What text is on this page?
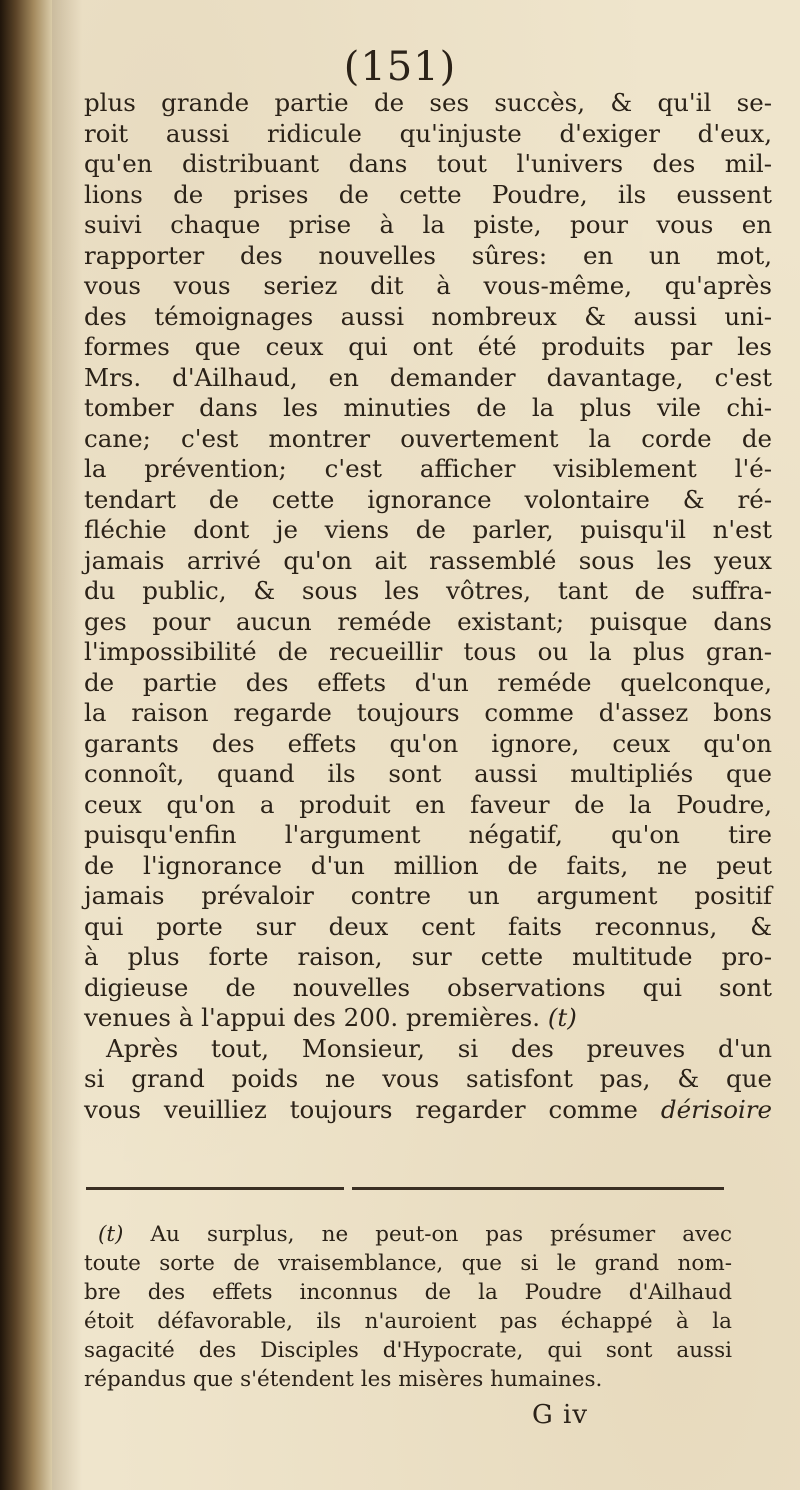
(151)
plus grande partie de ses succès, & qu'il se-
roit aussi ridicule qu'injuste d'exiger d'eux,
qu'en distribuant dans tout l'univers des mil-
lions de prises de cette Poudre, ils eussent
suivi chaque prise à la piste, pour vous en
rapporter des nouvelles sûres: en un mot,
vous vous seriez dit à vous-même, qu'après
des témoignages aussi nombreux & aussi uni-
formes que ceux qui ont été produits par les
Mrs. d'Ailhaud, en demander davantage, c'est
tomber dans les minuties de la plus vile chi-
cane; c'est montrer ouvertement la corde de
la prévention; c'est afficher visiblement l'é-
tendart de cette ignorance volontaire & ré-
fléchie dont je viens de parler, puisqu'il n'est
jamais arrivé qu'on ait rassemblé sous les yeux
du public, & sous les vôtres, tant de suffra-
ges pour aucun reméde existant; puisque dans
l'impossibilité de recueillir tous ou la plus gran-
de partie des effets d'un reméde quelconque,
la raison regarde toujours comme d'assez bons
garants des effets qu'on ignore, ceux qu'on
connoît, quand ils sont aussi multipliés que
ceux qu'on a produit en faveur de la Poudre,
puisqu'enfin l'argument négatif, qu'on tire
de l'ignorance d'un million de faits, ne peut
jamais prévaloir contre un argument positif
qui porte sur deux cent faits reconnus, &
à plus forte raison, sur cette multitude pro-
digieuse de nouvelles observations qui sont
venues à l'appui des 200. premières. (t)
Après tout, Monsieur, si des preuves d'un
si grand poids ne vous satisfont pas, & que
vous veuilliez toujours regarder comme dérisoire
(t) Au surplus, ne peut-on pas présumer avec
toute sorte de vraisemblance, que si le grand nom-
bre des effets inconnus de la Poudre d'Ailhaud
étoit défavorable, ils n'auroient pas échappé à la
sagacité des Disciples d'Hypocrate, qui sont aussi
répandus que s'étendent les misères humaines.
G iv
